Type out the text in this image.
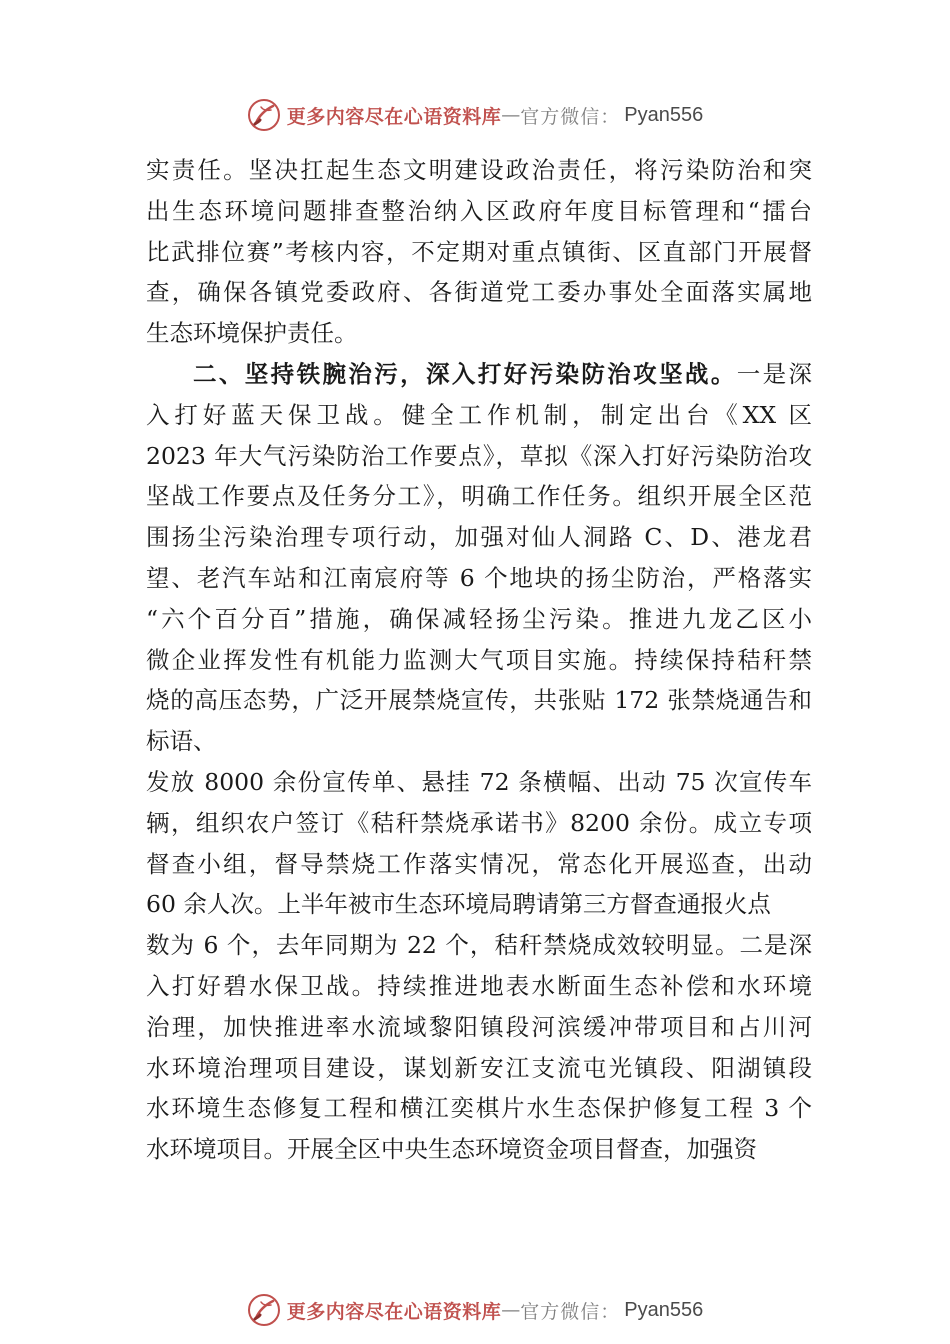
更多内容尽在心语资料库 — 官方微信： Pyan556
实责任。坚决扛起生态文明建设政治责任，将污染防治和突
出生态环境问题排查整治纳入区政府年度目标管理和“擂台
比武排位赛”考核内容，不定期对重点镇街、区直部门开展督
查，确保各镇党委政府、各街道党工委办事处全面落实属地
生态环境保护责任。
二、坚持铁腕治污，深入打好污染防治攻坚战。一是深
入打好蓝天保卫战。健全工作机制，制定出台《XX 区
2023 年大气污染防治工作要点》，草拟《深入打好污染防治攻
坚战工作要点及任务分工》，明确工作任务。组织开展全区范
围扬尘污染治理专项行动，加强对仙人洞路 C、D、港龙君
望、老汽车站和江南宸府等 6 个地块的扬尘防治，严格落实
“六个百分百”措施，确保减轻扬尘污染。推进九龙乙区小
微企业挥发性有机能力监测大气项目实施。持续保持秸秆禁
烧的高压态势，广泛开展禁烧宣传，共张贴 172 张禁烧通告和
标语、
发放 8000 余份宣传单、悬挂 72 条横幅、出动 75 次宣传车
辆，组织农户签订《秸秆禁烧承诺书》8200 余份。成立专项
督查小组，督导禁烧工作落实情况，常态化开展巡查，出动
60 余人次。上半年被市生态环境局聘请第三方督查通报火点
数为 6 个，去年同期为 22 个，秸秆禁烧成效较明显。二是深
入打好碧水保卫战。持续推进地表水断面生态补偿和水环境
治理，加快推进率水流域黎阳镇段河滨缓冲带项目和占川河
水环境治理项目建设，谋划新安江支流屯光镇段、阳湖镇段
水环境生态修复工程和横江奕棋片水生态保护修复工程 3 个
水环境项目。开展全区中央生态环境资金项目督查，加强资
更多内容尽在心语资料库 — 官方微信： Pyan556
